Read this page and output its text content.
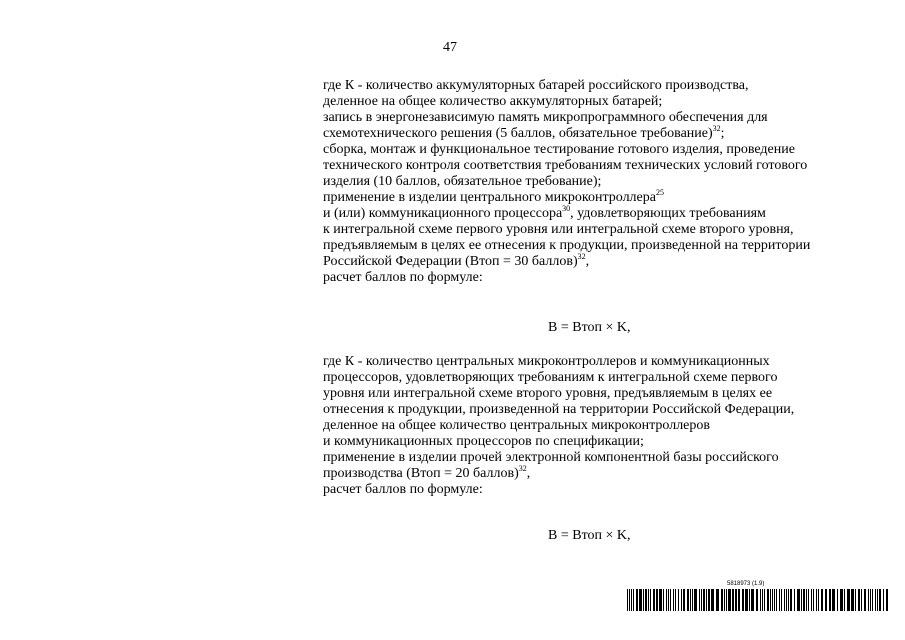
47
где К - количество аккумуляторных батарей российского производства,
деленное на общее количество аккумуляторных батарей;
запись в энергонезависимую память микропрограммного обеспечения для
схемотехнического решения (5 баллов, обязательное требование)$^{32}$;
сборка, монтаж и функциональное тестирование готового изделия, проведение
технического контроля соответствия требованиям технических условий готового
изделия (10 баллов, обязательное требование);
применение в изделии центрального микроконтроллера$^{25}$
и (или) коммуникационного процессора$^{30}$, удовлетворяющих требованиям
к интегральной схеме первого уровня или интегральной схеме второго уровня,
предъявляемым в целях ее отнесения к продукции, произведенной на территории
Российской Федерации (Втоп = 30 баллов)$^{32}$,
расчет баллов по формуле:
B = Втоп × K,
где К - количество центральных микроконтроллеров и коммуникационных
процессоров, удовлетворяющих требованиям к интегральной схеме первого
уровня или интегральной схеме второго уровня, предъявляемым в целях ее
отнесения к продукции, произведенной на территории Российской Федерации,
деленное на общее количество центральных микроконтроллеров
и коммуникационных процессоров по спецификации;
применение в изделии прочей электронной компонентной базы российского
производства (Втоп = 20 баллов)$^{32}$,
расчет баллов по формуле:
B = Втоп × K,
5818973 (1.9)
